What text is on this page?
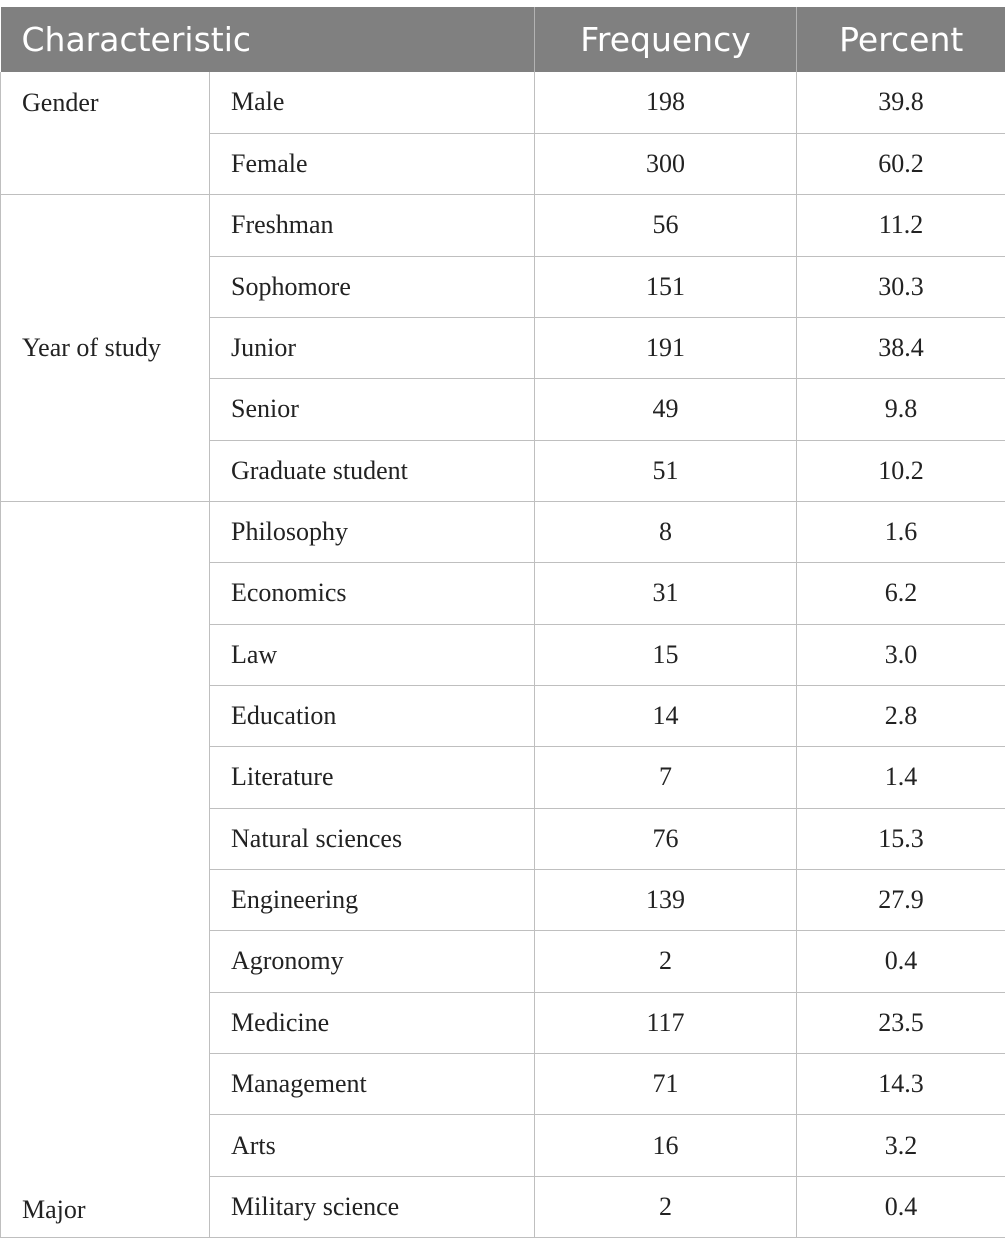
Characteristic		Frequency	Percent
Gender	Male	198	39.8
	Female	300	60.2
Year of study	Freshman	56	11.2
	Sophomore	151	30.3
	Junior	191	38.4
	Senior	49	9.8
	Graduate student	51	10.2
Major	Philosophy	8	1.6
	Economics	31	6.2
	Law	15	3.0
	Education	14	2.8
	Literature	7	1.4
	Natural sciences	76	15.3
	Engineering	139	27.9
	Agronomy	2	0.4
	Medicine	117	23.5
	Management	71	14.3
	Arts	16	3.2
	Military science	2	0.4
